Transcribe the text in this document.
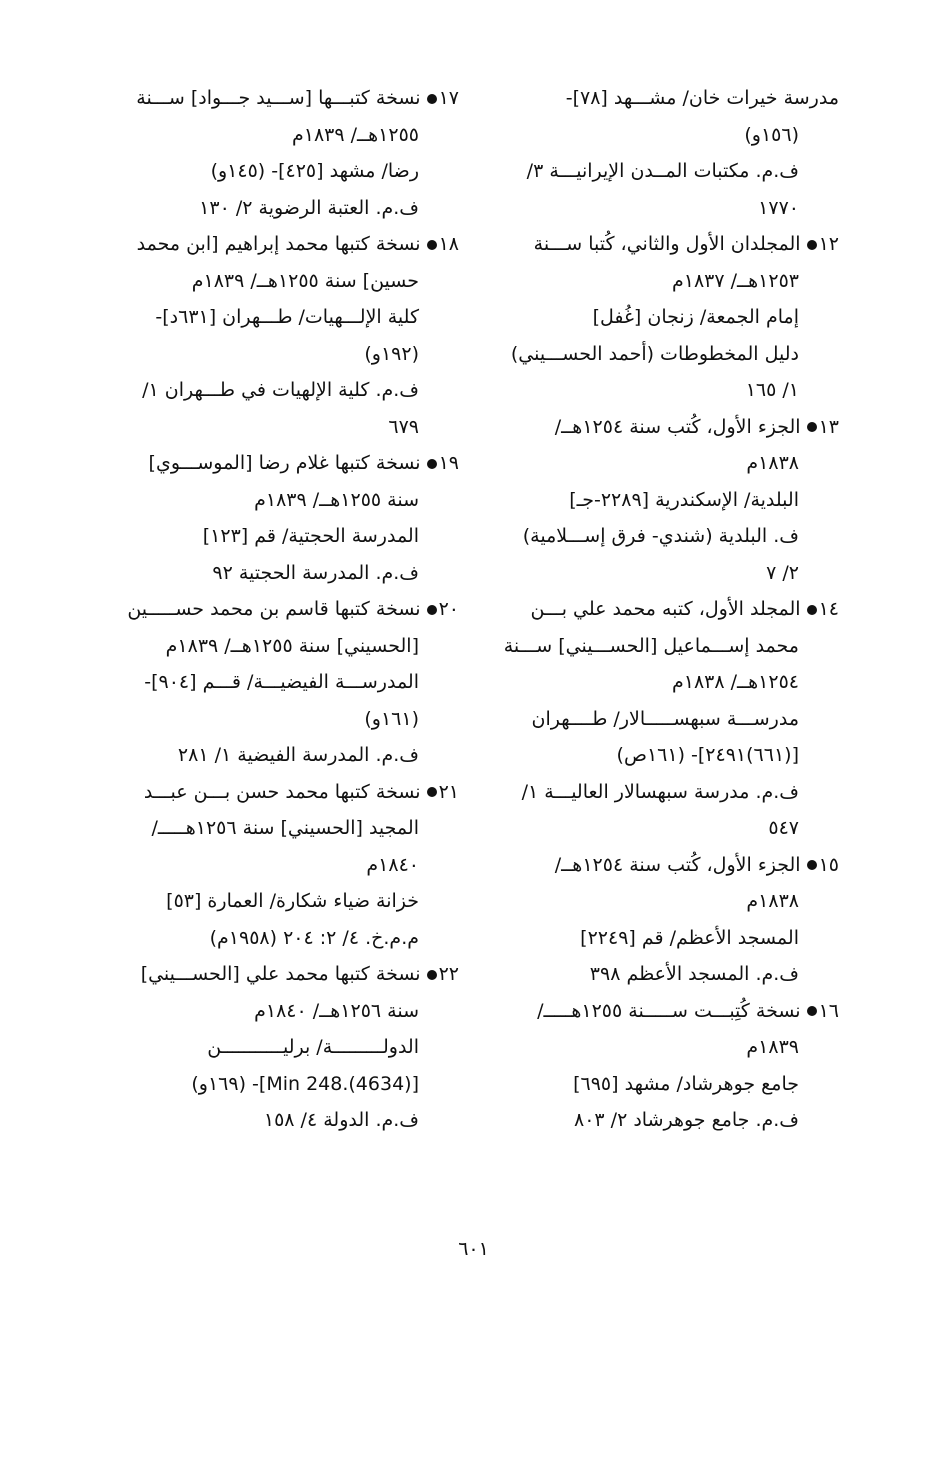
مدرسة خيرات خان/ مشـــهد [٧٨]-
(١٥٦و)
ف.م. مكتبات المــدن الإيرانيـــة ٣/
١٧٧٠
١٢المجلدان الأول والثاني، كُتبا ســـنة
١٢٥٣هــ/ ١٨٣٧م
إمام الجمعة/ زنجان [غُفل]
دليل المخطوطات (أحمد الحســـيني)
١/ ١٦٥
١٣الجزء الأول، كُتب سنة ١٢٥٤هــ/
١٨٣٨م
البلدية/ الإسكندرية [٢٢٨٩-جـ]
ف. البلدية (شندي- فرق إســـلامية)
٢/ ٧
١٤المجلد الأول، كتبه محمد علي بـــن
محمد إســـماعيل [الحســـيني] ســـنة
١٢٥٤هــ/ ١٨٣٨م
مدرســـة سبهســـــالار/ طــــهران
[(٦٦١)٢٤٩١]- (١٦١ص)
ف.م. مدرسة سبهسالار العاليـــة ١/
٥٤٧
١٥الجزء الأول، كُتب سنة ١٢٥٤هــ/
١٨٣٨م
المسجد الأعظم/ قم [٢٢٤٩]
ف.م. المسجد الأعظم ٣٩٨
١٦نسخة كُتِبـــت ســـــنة ١٢٥٥هـــــ/
١٨٣٩م
جامع جوهرشاد/ مشهد [٦٩٥]
ف.م. جامع جوهرشاد ٢/ ٨٠٣
١٧نسخة كتبـــها [ســـيد جـــواد] ســـنة
١٢٥٥هــ/ ١٨٣٩م
رضا/ مشهد [٤٢٥]- (١٤٥و)
ف.م. العتبة الرضوية ٢/ ١٣٠
١٨نسخة كتبها محمد إبراهيم [ابن محمد
حسين] سنة ١٢٥٥هــ/ ١٨٣٩م
كلية الإلـــهيات/ طـــهران [٦٣١د]-
(١٩٢و)
ف.م. كلية الإلهيات في طـــهران ١/
٦٧٩
١٩نسخة كتبها غلام رضا [الموســـوي]
سنة ١٢٥٥هــ/ ١٨٣٩م
المدرسة الحجتية/ قم [١٢٣]
ف.م. المدرسة الحجتية ٩٢
٢٠نسخة كتبها قاسم بن محمد حســـــين
[الحسيني] سنة ١٢٥٥هــ/ ١٨٣٩م
المدرســـة الفيضيـــة/ قـــم [٩٠٤]-
(١٦١و)
ف.م. المدرسة الفيضية ١/ ٢٨١
٢١نسخة كتبها محمد حسن بـــن عبـــد
المجيد [الحسيني] سنة ١٢٥٦هـــــ/
١٨٤٠م
خزانة ضياء شكارة/ العمارة [٥٣]
م.م.خ. ٤/ ٢: ٢٠٤ (١٩٥٨م)
٢٢نسخة كتبها محمد علي [الحســـيني]
سنة ١٢٥٦هــ/ ١٨٤٠م
الدولـــــــــة/ برليـــــــــــن
[Min 248.(4634)]- (١٦٩و)
ف.م. الدولة ٤/ ١٥٨
٦٠١
